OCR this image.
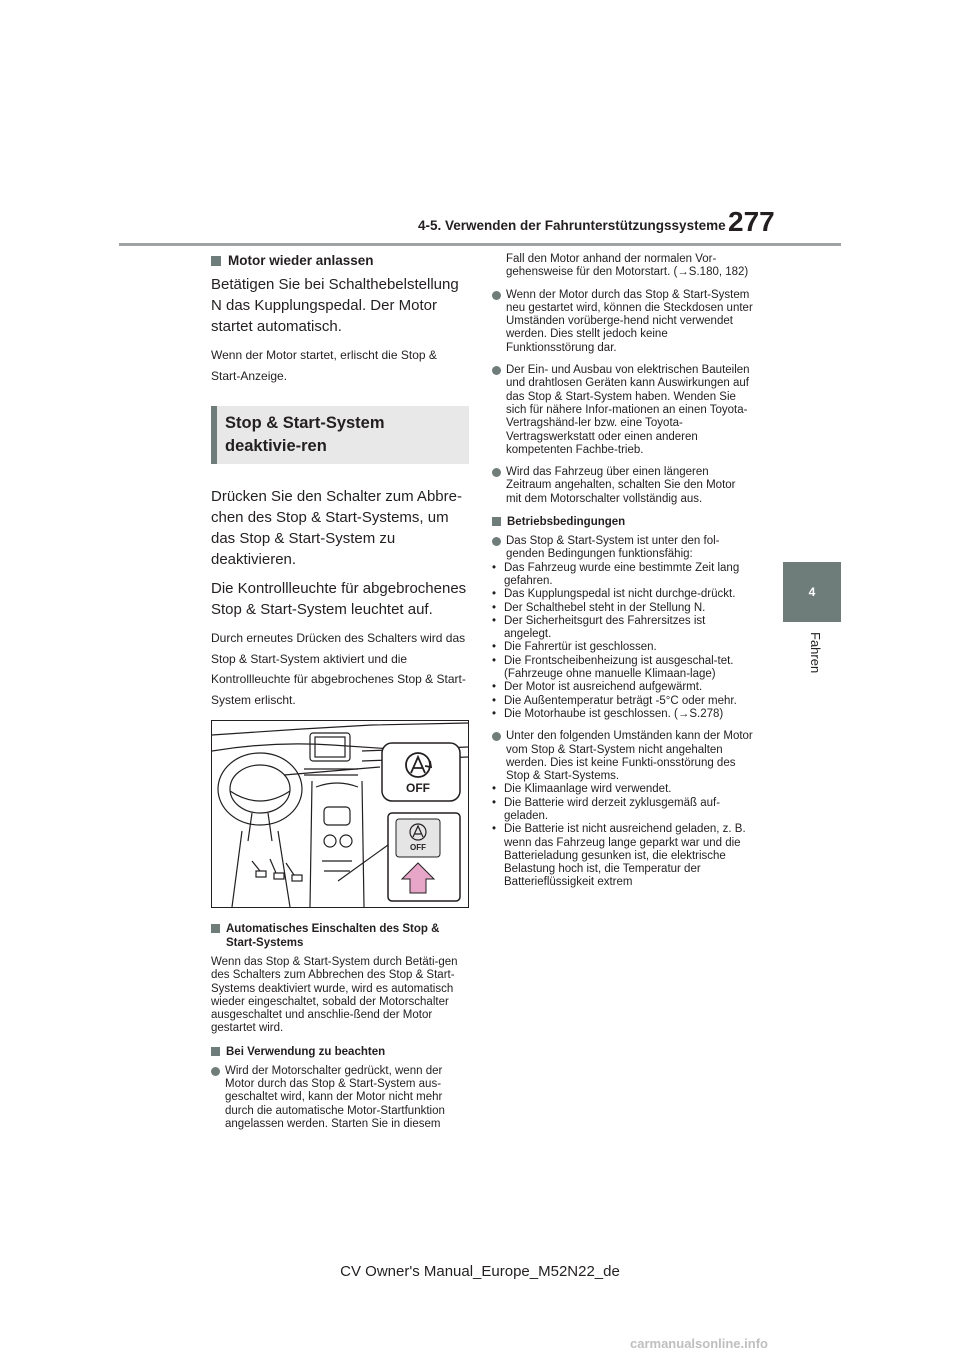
4-5. Verwenden der Fahrunterstützungssysteme 277
4
Fahren
Motor wieder anlassen

Betätigen Sie bei Schalthebelstellung N das Kupplungspedal. Der Motor startet automatisch.

Wenn der Motor startet, erlischt die Stop & Start-Anzeige.

Stop & Start-System deaktivie-ren

Drücken Sie den Schalter zum Abbre-chen des Stop & Start-Systems, um das Stop & Start-System zu deaktivieren.

Die Kontrollleuchte für abgebrochenes Stop & Start-System leuchtet auf.

Durch erneutes Drücken des Schalters wird das Stop & Start-System aktiviert und die Kontrollleuchte für abgebrochenes Stop & Start-System erlischt.

OFF
OFF
Automatisches Einschalten des Stop & Start-Systems

Wenn das Stop & Start-System durch Betäti-gen des Schalters zum Abbrechen des Stop & Start-Systems deaktiviert wurde, wird es automatisch wieder eingeschaltet, sobald der Motorschalter ausgeschaltet und anschlie-ßend der Motor gestartet wird.

Bei Verwendung zu beachten
Wird der Motorschalter gedrückt, wenn der Motor durch das Stop & Start-System aus-geschaltet wird, kann der Motor nicht mehr durch die automatische Motor-Startfunktion angelassen werden. Starten Sie in diesem

Fall den Motor anhand der normalen Vor-gehensweise für den Motorstart. (→S.180, 182)

Wenn der Motor durch das Stop & Start-System neu gestartet wird, können die Steckdosen unter Umständen vorüberge-hend nicht verwendet werden. Dies stellt jedoch keine Funktionsstörung dar.
Der Ein- und Ausbau von elektrischen Bauteilen und drahtlosen Geräten kann Auswirkungen auf das Stop & Start-System haben. Wenden Sie sich für nähere Infor-mationen an einen Toyota-Vertragshänd-ler bzw. eine Toyota-Vertragswerkstatt oder einen anderen kompetenten Fachbe-trieb.
Wird das Fahrzeug über einen längeren Zeitraum angehalten, schalten Sie den Motor mit dem Motorschalter vollständig aus.
Betriebsbedingungen
Das Stop & Start-System ist unter den fol-genden Bedingungen funktionsfähig:
• Das Fahrzeug wurde eine bestimmte Zeit lang gefahren.
• Das Kupplungspedal ist nicht durchge-drückt.
• Der Schalthebel steht in der Stellung N.
• Der Sicherheitsgurt des Fahrersitzes ist angelegt.
• Die Fahrertür ist geschlossen.
• Die Frontscheibenheizung ist ausgeschal-tet. (Fahrzeuge ohne manuelle Klimaan-lage)
• Der Motor ist ausreichend aufgewärmt.
• Die Außentemperatur beträgt -5°C oder mehr.
• Die Motorhaube ist geschlossen. (→S.278)
Unter den folgenden Umständen kann der Motor vom Stop & Start-System nicht angehalten werden. Dies ist keine Funkti-onsstörung des Stop & Start-Systems.
• Die Klimaanlage wird verwendet.
• Die Batterie wird derzeit zyklusgemäß auf-geladen.
• Die Batterie ist nicht ausreichend geladen, z. B. wenn das Fahrzeug lange geparkt war und die Batterieladung gesunken ist, die elektrische Belastung hoch ist, die Temperatur der Batterieflüssigkeit extrem
CV Owner's Manual_Europe_M52N22_de
carmanualsonline.info
